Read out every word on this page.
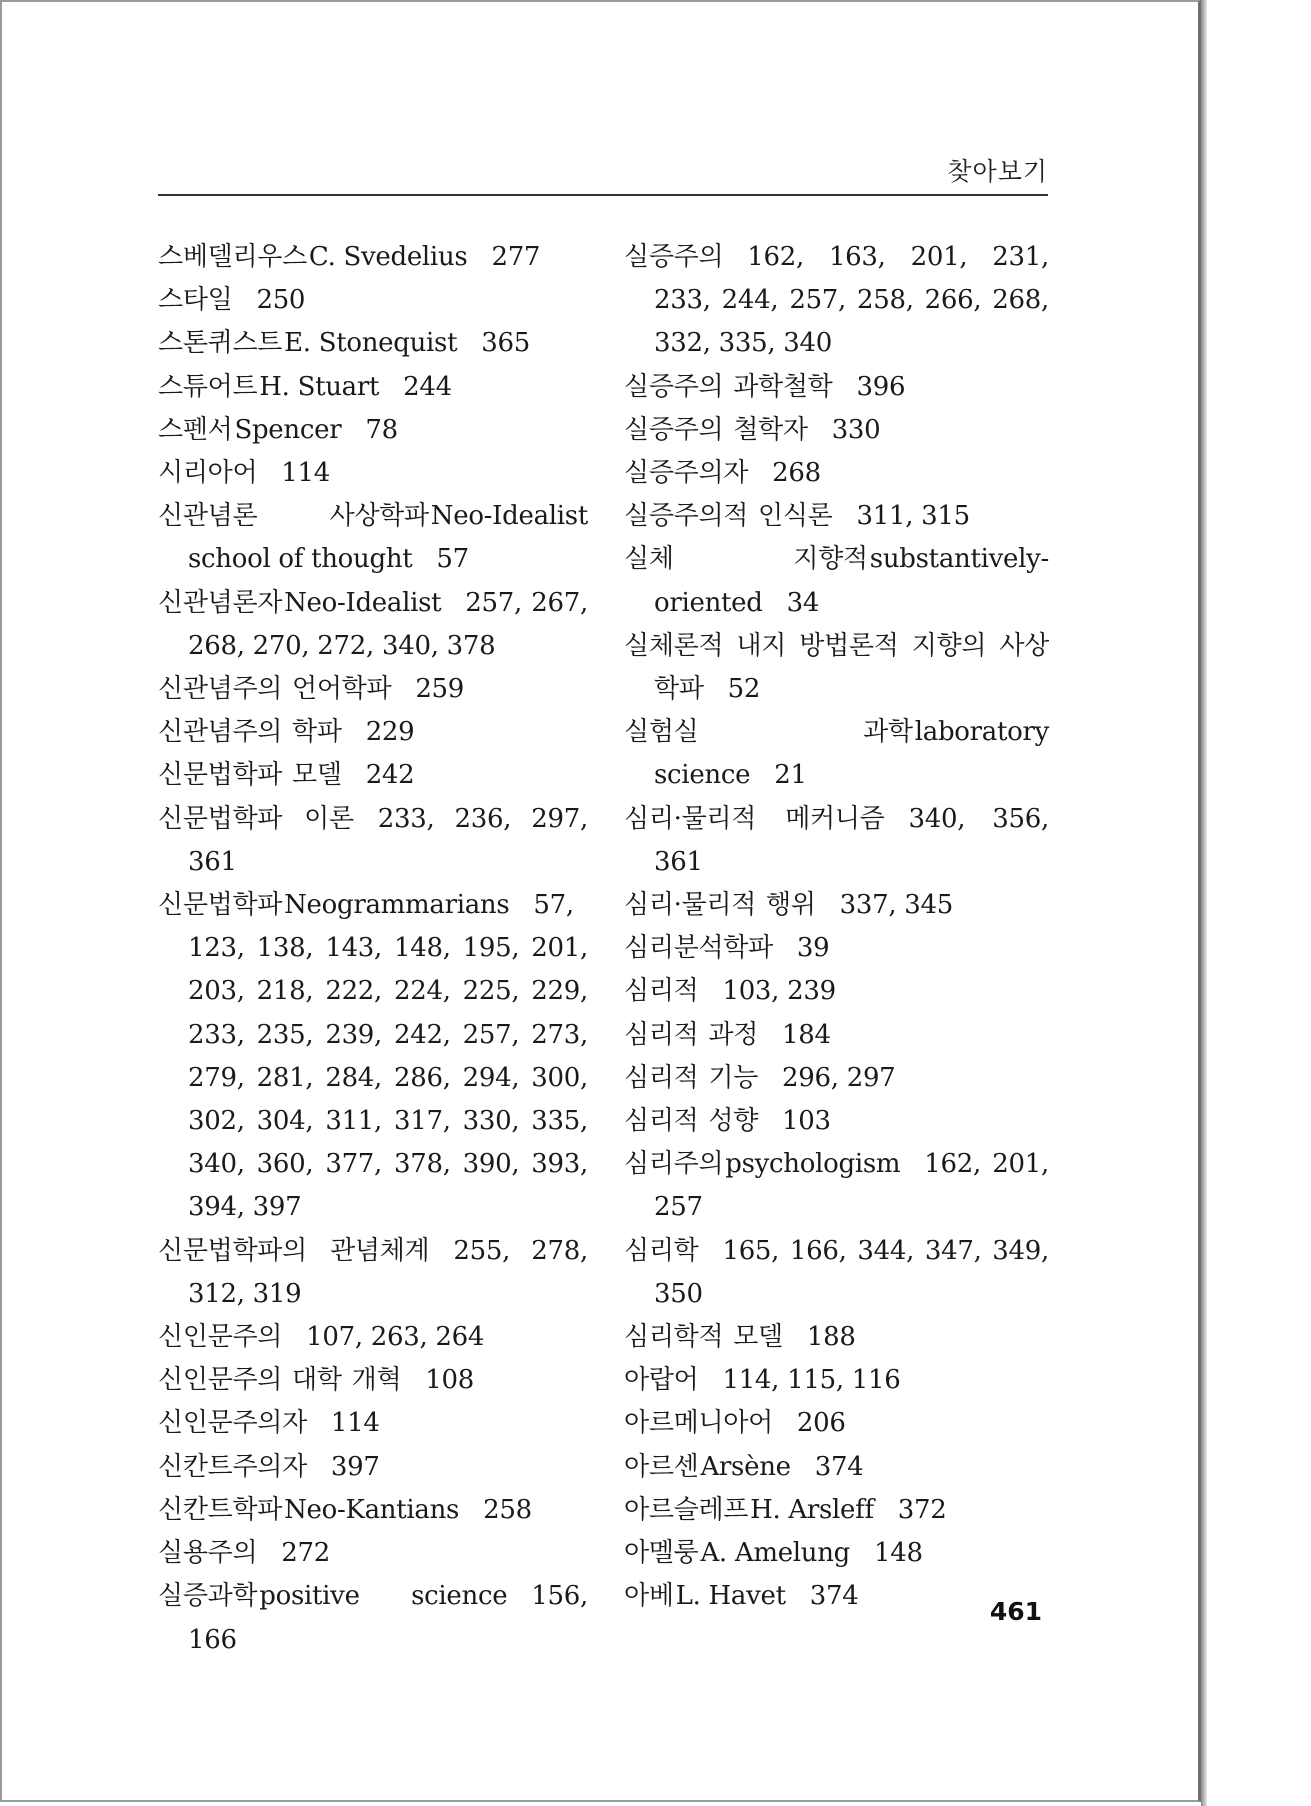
찾아보기
스베델리우스C. Svedelius 277
스타일 250
스톤퀴스트E. Stonequist 365
스튜어트H. Stuart 244
스펜서Spencer 78
시리아어 114
신관념론 사상학파Neo-Idealist school of thought 57
신관념론자Neo-Idealist 257, 267, 268, 270, 272, 340, 378
신관념주의 언어학파 259
신관념주의 학파 229
신문법학파 모델 242
신문법학파 이론 233, 236, 297, 361
신문법학파Neogrammarians 57, 123, 138, 143, 148, 195, 201, 203, 218, 222, 224, 225, 229, 233, 235, 239, 242, 257, 273, 279, 281, 284, 286, 294, 300, 302, 304, 311, 317, 330, 335, 340, 360, 377, 378, 390, 393, 394, 397
신문법학파의 관념체계 255, 278, 312, 319
신인문주의 107, 263, 264
신인문주의 대학 개혁 108
신인문주의자 114
신칸트주의자 397
신칸트학파Neo-Kantians 258
실용주의 272
실증과학positive science 156, 166
실증주의 162, 163, 201, 231, 233, 244, 257, 258, 266, 268, 332, 335, 340
실증주의 과학철학 396
실증주의 철학자 330
실증주의자 268
실증주의적 인식론 311, 315
실체 지향적substantively-oriented 34
실체론적 내지 방법론적 지향의 사상학파 52
실험실 과학laboratory science 21
심리·물리적 메커니즘 340, 356, 361
심리·물리적 행위 337, 345
심리분석학파 39
심리적 103, 239
심리적 과정 184
심리적 기능 296, 297
심리적 성향 103
심리주의psychologism 162, 201, 257
심리학 165, 166, 344, 347, 349, 350
심리학적 모델 188
아랍어 114, 115, 116
아르메니아어 206
아르센Arsène 374
아르슬레프H. Arsleff 372
아멜룽A. Amelung 148
아베L. Havet 374
461
